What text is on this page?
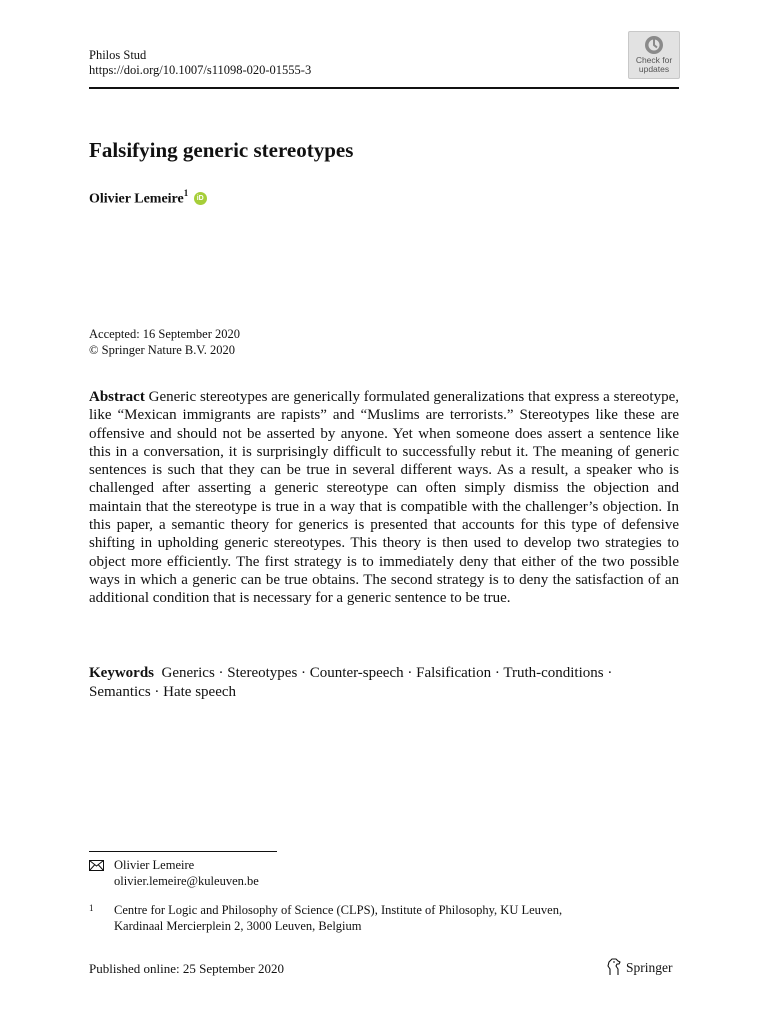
Philos Stud
https://doi.org/10.1007/s11098-020-01555-3
Check for
updates
Falsifying generic stereotypes
Olivier Lemeire$^1$
iD
Accepted: 16 September 2020
© Springer Nature B.V. 2020

Abstract Generic stereotypes are generically formulated generalizations that express a stereotype, like “Mexican immigrants are rapists” and “Muslims are terrorists.” Stereotypes like these are offensive and should not be asserted by anyone. Yet when someone does assert a sentence like this in a conversation, it is surprisingly difficult to successfully rebut it. The meaning of generic sentences is such that they can be true in several different ways. As a result, a speaker who is challenged after asserting a generic stereotype can often simply dismiss the objection and maintain that the stereotype is true in a way that is compatible with the challenger’s objection. In this paper, a semantic theory for generics is presented that accounts for this type of defensive shifting in upholding generic stereotypes. This theory is then used to develop two strategies to object more efficiently. The first strategy is to immediately deny that either of the two possible ways in which a generic can be true obtains. The second strategy is to deny the satisfaction of an additional condition that is necessary for a generic sentence to be true.

Keywords Generics · Stereotypes · Counter-speech · Falsification · Truth-conditions · Semantics · Hate speech
Olivier Lemeire
olivier.lemeire@kuleuven.be
1 Centre for Logic and Philosophy of Science (CLPS), Institute of Philosophy, KU Leuven,
Kardinaal Mercierplein 2, 3000 Leuven, Belgium
Published online: 25 September 2020	Springer
